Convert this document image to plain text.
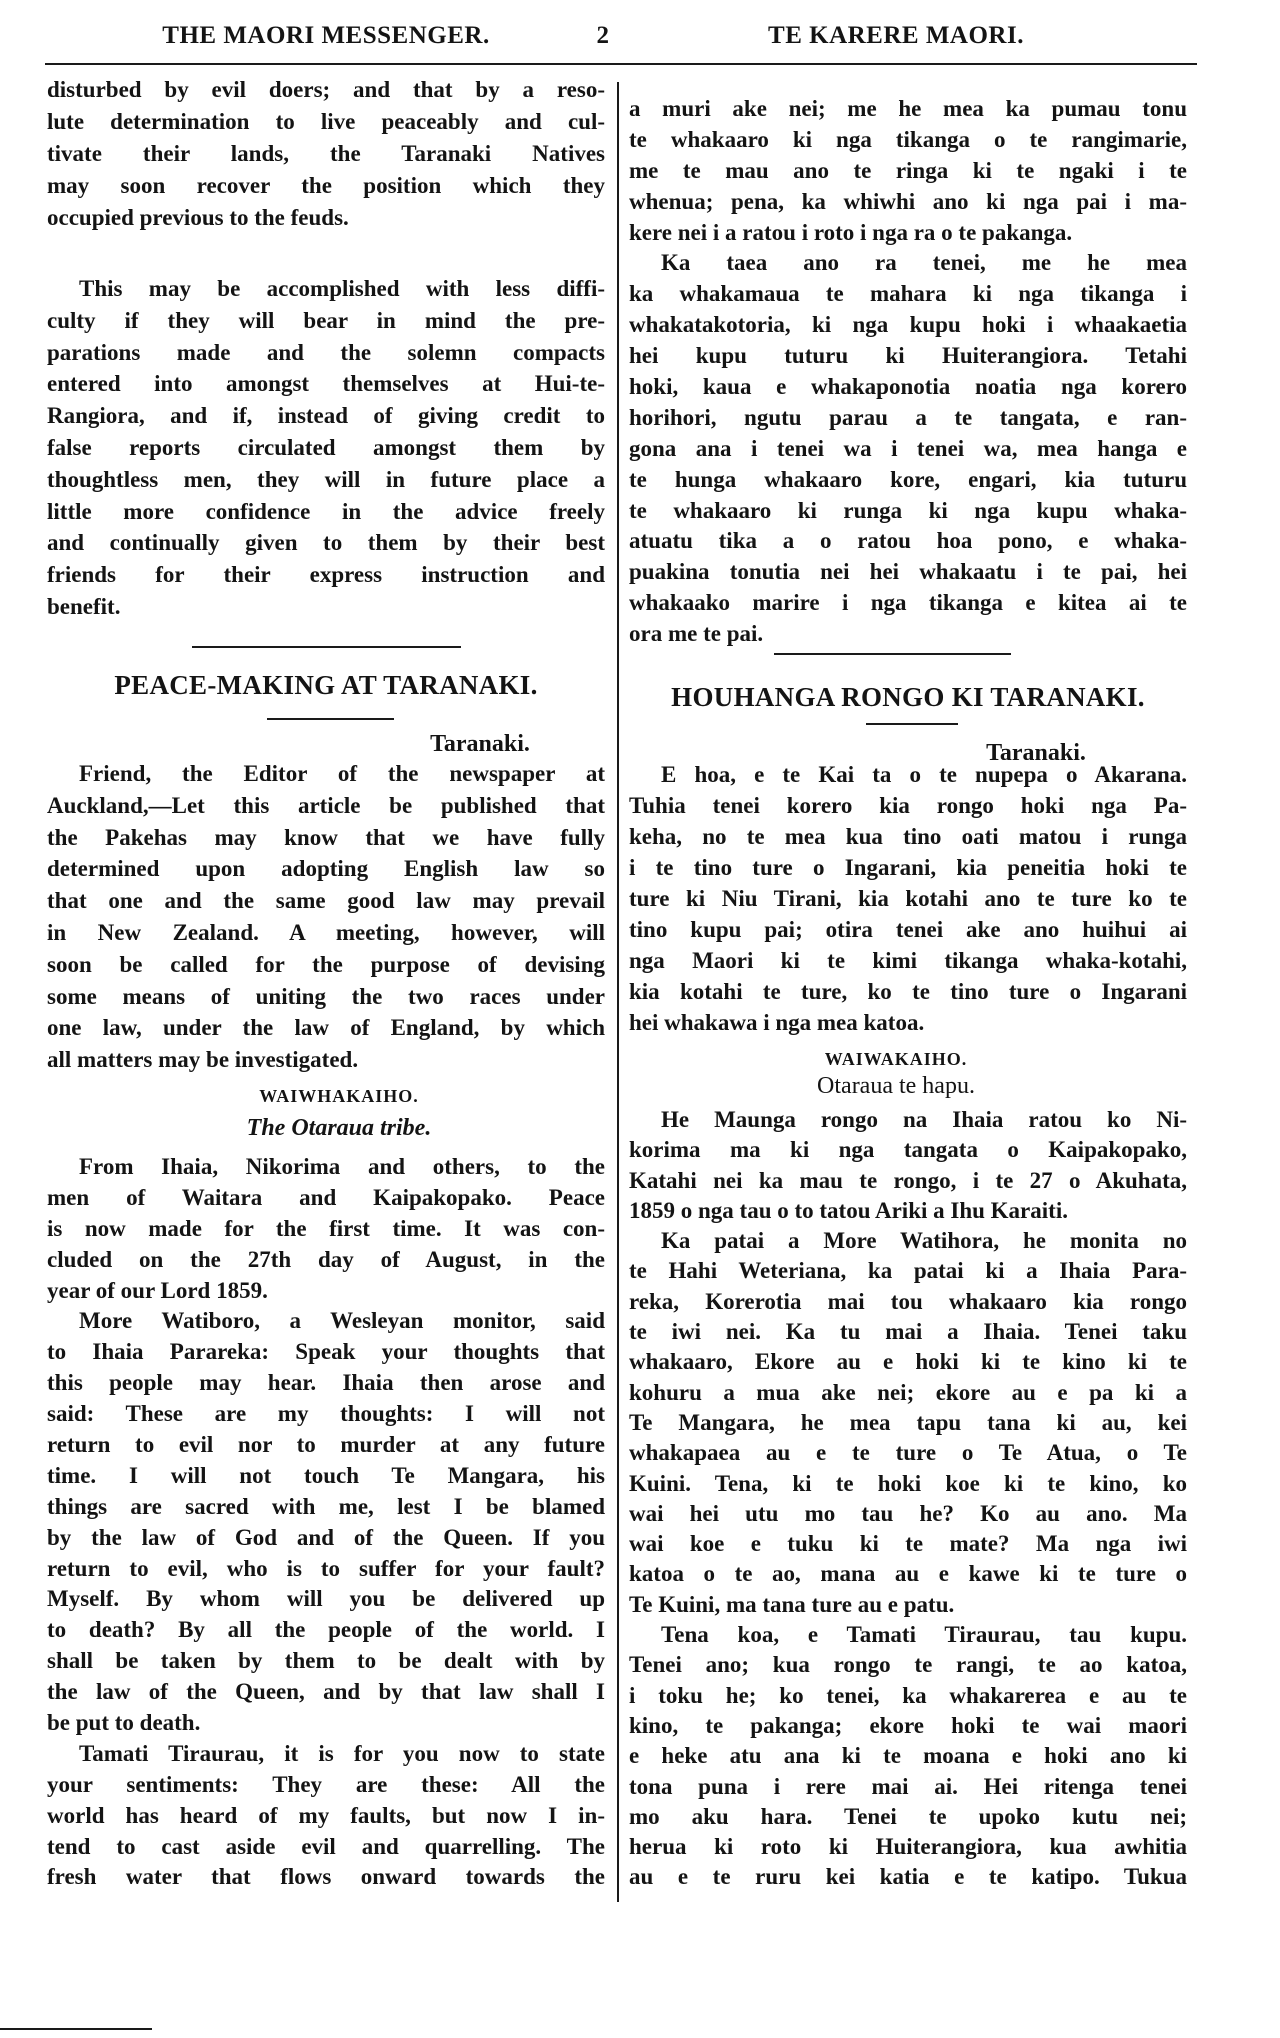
THE MAORI MESSENGER.	2	TE KARERE MAORI.
PEACE-MAKING AT TARANAKI.
Taranaki.
WAIWHAKAIHO.
The Otaraua tribe.
HOUHANGA RONGO KI TARANAKI.
Taranaki.
WAIWAKAIHO.
Otaraua te hapu.
disturbed by evil doers; and that by a reso-
lute determination to live peaceably and cul-
tivate their lands, the Taranaki Natives
may soon recover the position which they
occupied previous to the feuds.
This may be accomplished with less diffi-
culty if they will bear in mind the pre-
parations made and the solemn compacts
entered into amongst themselves at Hui-te-
Rangiora, and if, instead of giving credit to
false reports circulated amongst them by
thoughtless men, they will in future place a
little more confidence in the advice freely
and continually given to them by their best
friends for their express instruction and
benefit.
Friend, the Editor of the newspaper at
Auckland,—Let this article be published that
the Pakehas may know that we have fully
determined upon adopting English law so
that one and the same good law may prevail
in New Zealand. A meeting, however, will
soon be called for the purpose of devising
some means of uniting the two races under
one law, under the law of England, by which
all matters may be investigated.
From Ihaia, Nikorima and others, to the
men of Waitara and Kaipakopako. Peace
is now made for the first time. It was con-
cluded on the 27th day of August, in the
year of our Lord 1859.
More Watiboro, a Wesleyan monitor, said
to Ihaia Parareka: Speak your thoughts that
this people may hear. Ihaia then arose and
said: These are my thoughts: I will not
return to evil nor to murder at any future
time. I will not touch Te Mangara, his
things are sacred with me, lest I be blamed
by the law of God and of the Queen. If you
return to evil, who is to suffer for your fault?
Myself. By whom will you be delivered up
to death? By all the people of the world. I
shall be taken by them to be dealt with by
the law of the Queen, and by that law shall I
be put to death.
Tamati Tiraurau, it is for you now to state
your sentiments: They are these: All the
world has heard of my faults, but now I in-
tend to cast aside evil and quarrelling. The
fresh water that flows onward towards the
a muri ake nei; me he mea ka pumau tonu
te whakaaro ki nga tikanga o te rangimarie,
me te mau ano te ringa ki te ngaki i te
whenua; pena, ka whiwhi ano ki nga pai i ma-
kere nei i a ratou i roto i nga ra o te pakanga.
Ka taea ano ra tenei, me he mea
ka whakamaua te mahara ki nga tikanga i
whakatakotoria, ki nga kupu hoki i whaakaetia
hei kupu tuturu ki Huiterangiora. Tetahi
hoki, kaua e whakaponotia noatia nga korero
horihori, ngutu parau a te tangata, e ran-
gona ana i tenei wa i tenei wa, mea hanga e
te hunga whakaaro kore, engari, kia tuturu
te whakaaro ki runga ki nga kupu whaka-
atuatu tika a o ratou hoa pono, e whaka-
puakina tonutia nei hei whakaatu i te pai, hei
whakaako marire i nga tikanga e kitea ai te
ora me te pai.
E hoa, e te Kai ta o te nupepa o Akarana.
Tuhia tenei korero kia rongo hoki nga Pa-
keha, no te mea kua tino oati matou i runga
i te tino ture o Ingarani, kia peneitia hoki te
ture ki Niu Tirani, kia kotahi ano te ture ko te
tino kupu pai; otira tenei ake ano huihui ai
nga Maori ki te kimi tikanga whaka-kotahi,
kia kotahi te ture, ko te tino ture o Ingarani
hei whakawa i nga mea katoa.
He Maunga rongo na Ihaia ratou ko Ni-
korima ma ki nga tangata o Kaipakopako,
Katahi nei ka mau te rongo, i te 27 o Akuhata,
1859 o nga tau o to tatou Ariki a Ihu Karaiti.
Ka patai a More Watihora, he monita no
te Hahi Weteriana, ka patai ki a Ihaia Para-
reka, Korerotia mai tou whakaaro kia rongo
te iwi nei. Ka tu mai a Ihaia. Tenei taku
whakaaro, Ekore au e hoki ki te kino ki te
kohuru a mua ake nei; ekore au e pa ki a
Te Mangara, he mea tapu tana ki au, kei
whakapaea au e te ture o Te Atua, o Te
Kuini. Tena, ki te hoki koe ki te kino, ko
wai hei utu mo tau he? Ko au ano. Ma
wai koe e tuku ki te mate? Ma nga iwi
katoa o te ao, mana au e kawe ki te ture o
Te Kuini, ma tana ture au e patu.
Tena koa, e Tamati Tiraurau, tau kupu.
Tenei ano; kua rongo te rangi, te ao katoa,
i toku he; ko tenei, ka whakarerea e au te
kino, te pakanga; ekore hoki te wai maori
e heke atu ana ki te moana e hoki ano ki
tona puna i rere mai ai. Hei ritenga tenei
mo aku hara. Tenei te upoko kutu nei;
herua ki roto ki Huiterangiora, kua awhitia
au e te ruru kei katia e te katipo. Tukua
